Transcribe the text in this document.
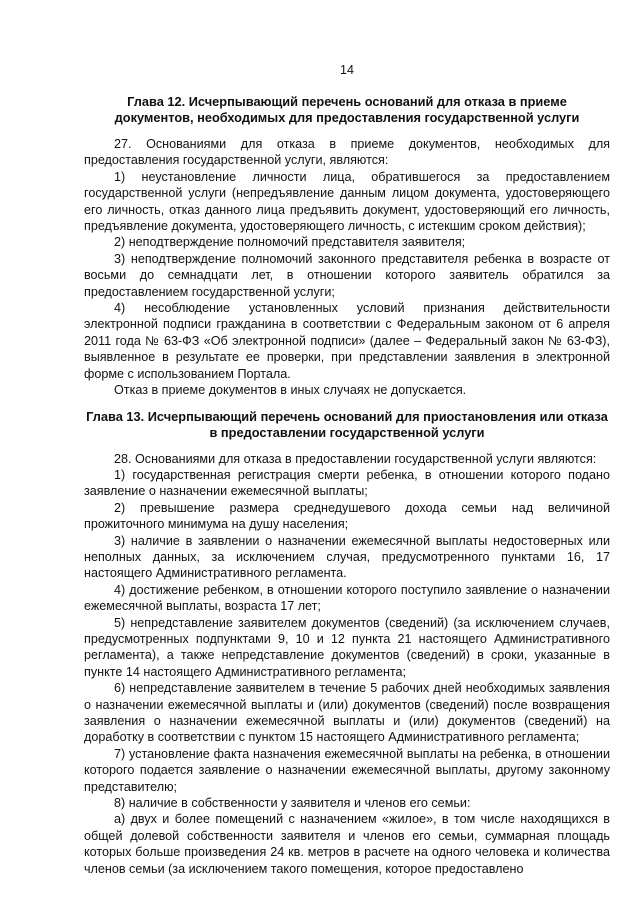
14
Глава 12. Исчерпывающий перечень оснований для отказа в приеме
документов, необходимых для предоставления государственной услуги

27. Основаниями для отказа в приеме документов, необходимых для предоставления государственной услуги, являются:

1) неустановление личности лица, обратившегося за предоставлением государственной услуги (непредъявление данным лицом документа, удостоверяющего его личность, отказ данного лица предъявить документ, удостоверяющий его личность, предъявление документа, удостоверяющего личность, с истекшим сроком действия);

2) неподтверждение полномочий представителя заявителя;

3) неподтверждение полномочий законного представителя ребенка в возрасте от восьми до семнадцати лет, в отношении которого заявитель обратился за предоставлением государственной услуги;

4) несоблюдение установленных условий признания действительности электронной подписи гражданина в соответствии с Федеральным законом от 6 апреля 2011 года № 63-ФЗ «Об электронной подписи» (далее – Федеральный закон № 63-ФЗ), выявленное в результате ее проверки, при представлении заявления в электронной форме с использованием Портала.

Отказ в приеме документов в иных случаях не допускается.

Глава 13. Исчерпывающий перечень оснований для приостановления или отказа
в предоставлении государственной услуги

28. Основаниями для отказа в предоставлении государственной услуги являются:

1) государственная регистрация смерти ребенка, в отношении которого подано заявление о назначении ежемесячной выплаты;

2) превышение размера среднедушевого дохода семьи над величиной прожиточного минимума на душу населения;

3) наличие в заявлении о назначении ежемесячной выплаты недостоверных или неполных данных, за исключением случая, предусмотренного пунктами 16, 17 настоящего Административного регламента.

4) достижение ребенком, в отношении которого поступило заявление о назначении ежемесячной выплаты, возраста 17 лет;

5) непредставление заявителем документов (сведений) (за исключением случаев, предусмотренных подпунктами 9, 10 и 12 пункта 21 настоящего Административного регламента), а также непредставление документов (сведений) в сроки, указанные в пункте 14 настоящего Административного регламента;

6) непредставление заявителем в течение 5 рабочих дней необходимых заявления о назначении ежемесячной выплаты и (или) документов (сведений) после возвращения заявления о назначении ежемесячной выплаты и (или) документов (сведений) на доработку в соответствии с пунктом 15 настоящего Административного регламента;

7) установление факта назначения ежемесячной выплаты на ребенка, в отношении которого подается заявление о назначении ежемесячной выплаты, другому законному представителю;

8) наличие в собственности у заявителя и членов его семьи:

а) двух и более помещений с назначением «жилое», в том числе находящихся в общей долевой собственности заявителя и членов его семьи, суммарная площадь которых больше произведения 24 кв. метров в расчете на одного человека и количества членов семьи (за исключением такого помещения, которое предоставлено
